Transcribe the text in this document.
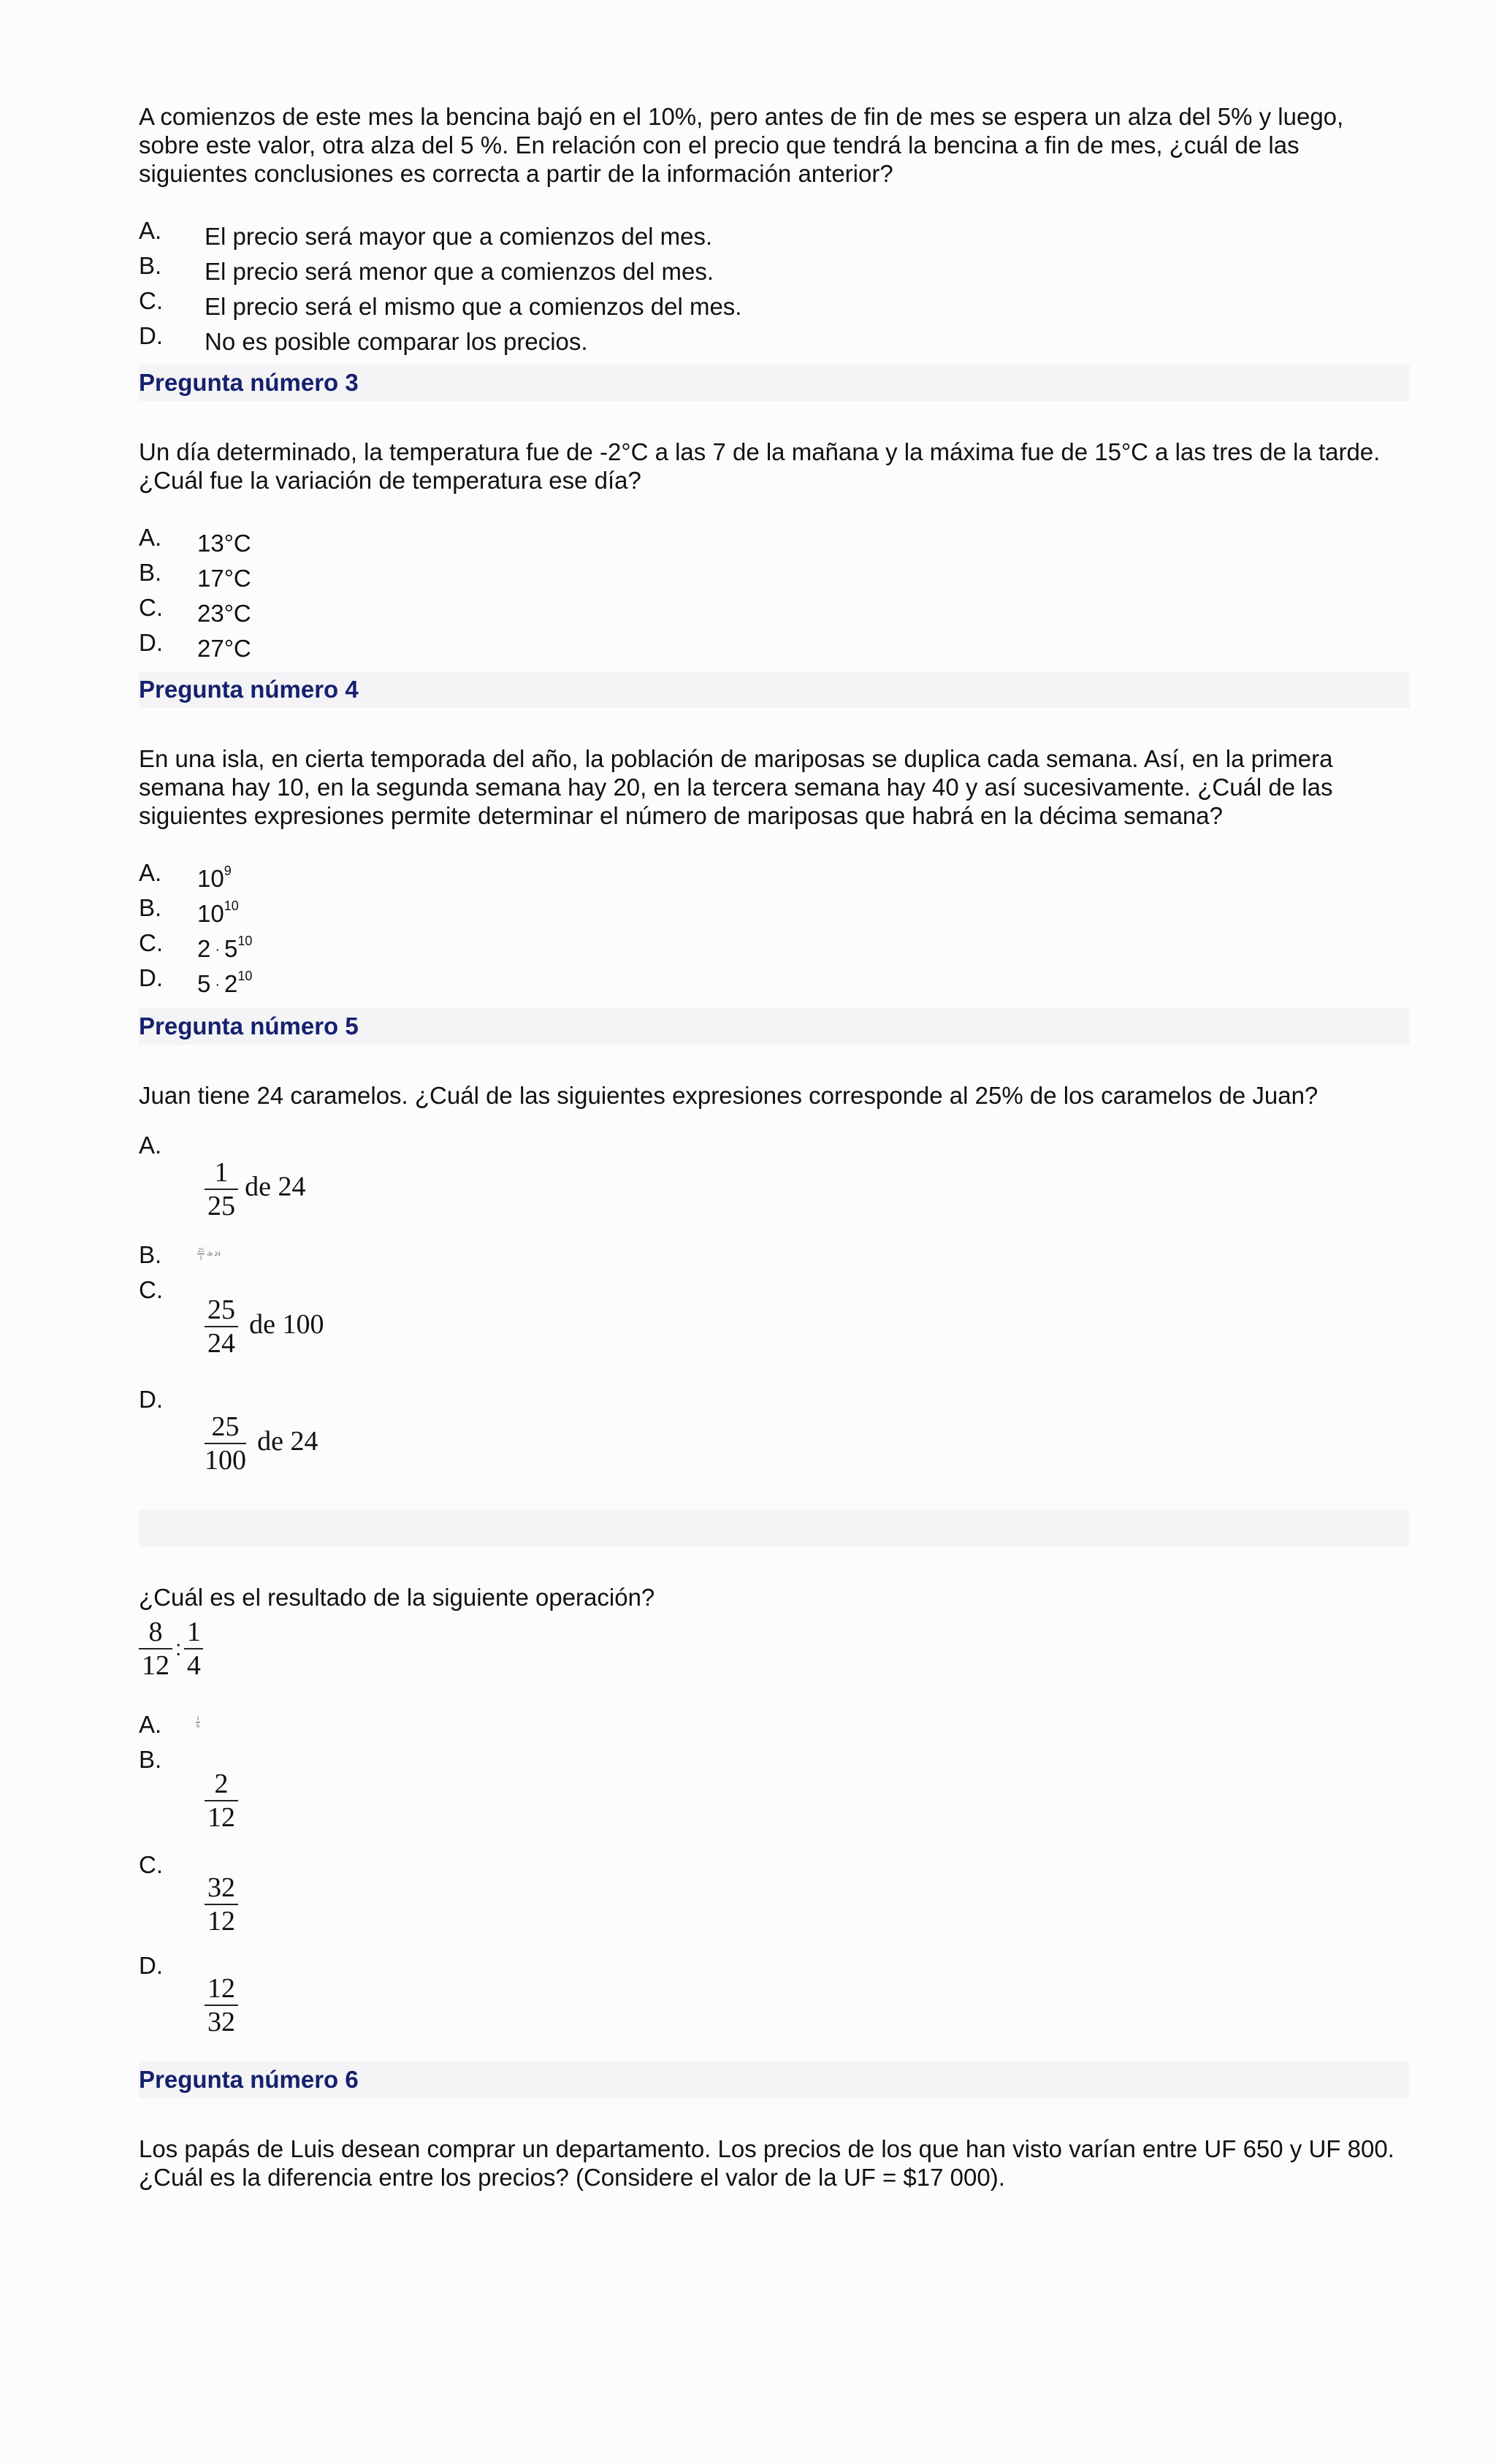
A comienzos de este mes la bencina bajó en el 10%, pero antes de fin de mes se espera un alza del 5% y luego, sobre este valor, otra alza del 5 %. En relación con el precio que tendrá la bencina a fin de mes, ¿cuál de las siguientes conclusiones es correcta a partir de la información anterior?

A. El precio será mayor que a comienzos del mes.
B. El precio será menor que a comienzos del mes.
C. El precio será el mismo que a comienzos del mes.
D. No es posible comparar los precios.
Pregunta número 3

Un día determinado, la temperatura fue de -2°C a las 7 de la mañana y la máxima fue de 15°C a las tres de la tarde. ¿Cuál fue la variación de temperatura ese día?

A. 13°C
B. 17°C
C. 23°C
D. 27°C
Pregunta número 4

En una isla, en cierta temporada del año, la población de mariposas se duplica cada semana. Así, en la primera semana hay 10, en la segunda semana hay 20, en la tercera semana hay 40 y así sucesivamente. ¿Cuál de las siguientes expresiones permite determinar el número de mariposas que habrá en la décima semana?

A. $10^9$
B. $10^{10}$
C. $2 \cdot 5^{10}$
D. $5 \cdot 2^{10}$
Pregunta número 5

Juan tiene 24 caramelos. ¿Cuál de las siguientes expresiones corresponde al 25% de los caramelos de Juan?

A.
$\frac{1}{25}$ de 24
B.	25
1
de 24
C.
$\frac{25}{24}$ de 100
D.
$\frac{25}{100}$ de 24

¿Cuál es el resultado de la siguiente operación?

$\frac{8}{12}$ : $\frac{1}{4}$
A.	1
6
B.
$\frac{2}{12}$
C.
$\frac{32}{12}$
D.
$\frac{12}{32}$
Pregunta número 6

Los papás de Luis desean comprar un departamento. Los precios de los que han visto varían entre UF 650 y UF 800. ¿Cuál es la diferencia entre los precios? (Considere el valor de la UF = $17 000).
